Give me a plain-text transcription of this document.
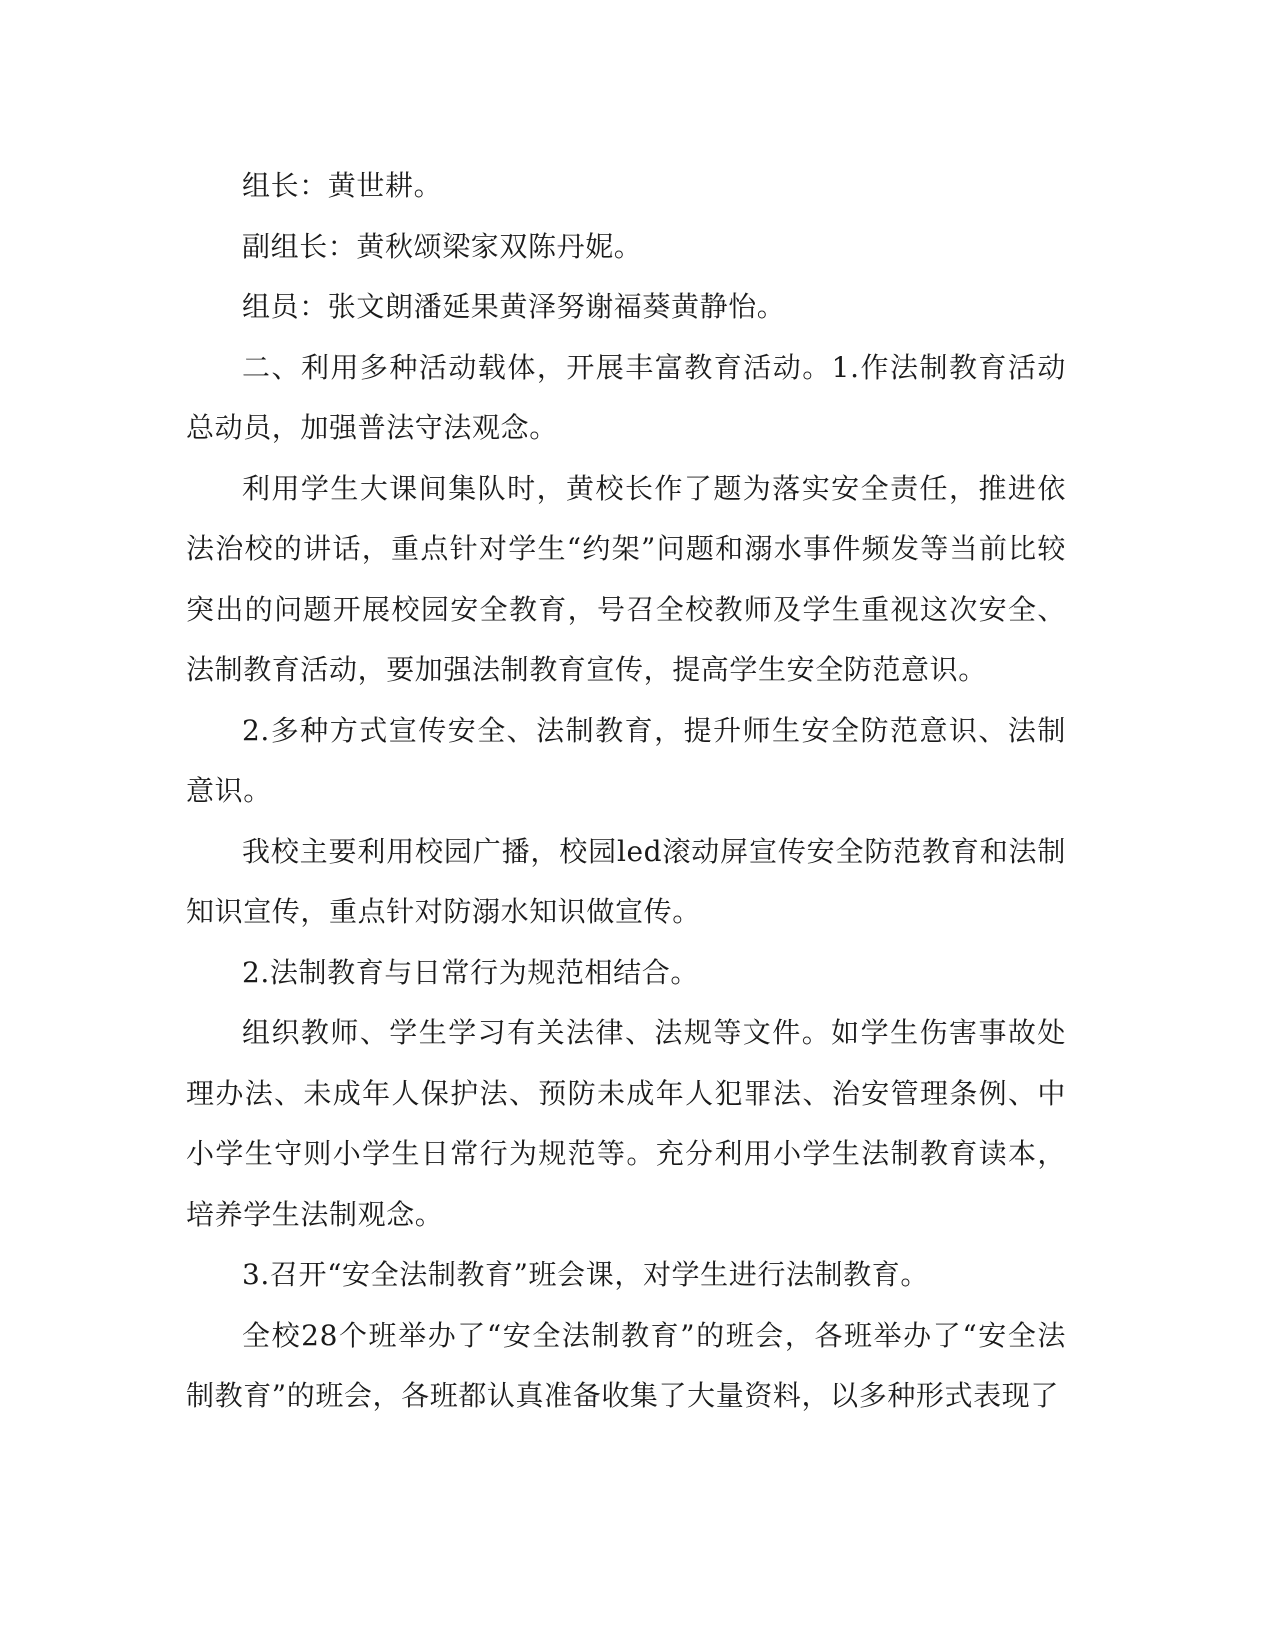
组长：黄世耕。

副组长：黄秋颂梁家双陈丹妮。

组员：张文朗潘延果黄泽努谢福葵黄静怡。

二、利用多种活动载体，开展丰富教育活动。1.作法制教育活动总动员，加强普法守法观念。

利用学生大课间集队时，黄校长作了题为落实安全责任，推进依法治校的讲话，重点针对学生“约架”问题和溺水事件频发等当前比较突出的问题开展校园安全教育，号召全校教师及学生重视这次安全、法制教育活动，要加强法制教育宣传，提高学生安全防范意识。

2.多种方式宣传安全、法制教育，提升师生安全防范意识、法制意识。

我校主要利用校园广播，校园led滚动屏宣传安全防范教育和法制知识宣传，重点针对防溺水知识做宣传。

2.法制教育与日常行为规范相结合。

组织教师、学生学习有关法律、法规等文件。如学生伤害事故处理办法、未成年人保护法、预防未成年人犯罪法、治安管理条例、中小学生守则小学生日常行为规范等。充分利用小学生法制教育读本，培养学生法制观念。

3.召开“安全法制教育”班会课，对学生进行法制教育。

全校28个班举办了“安全法制教育”的班会，各班举办了“安全法制教育”的班会，各班都认真准备收集了大量资料，以多种形式表现了
